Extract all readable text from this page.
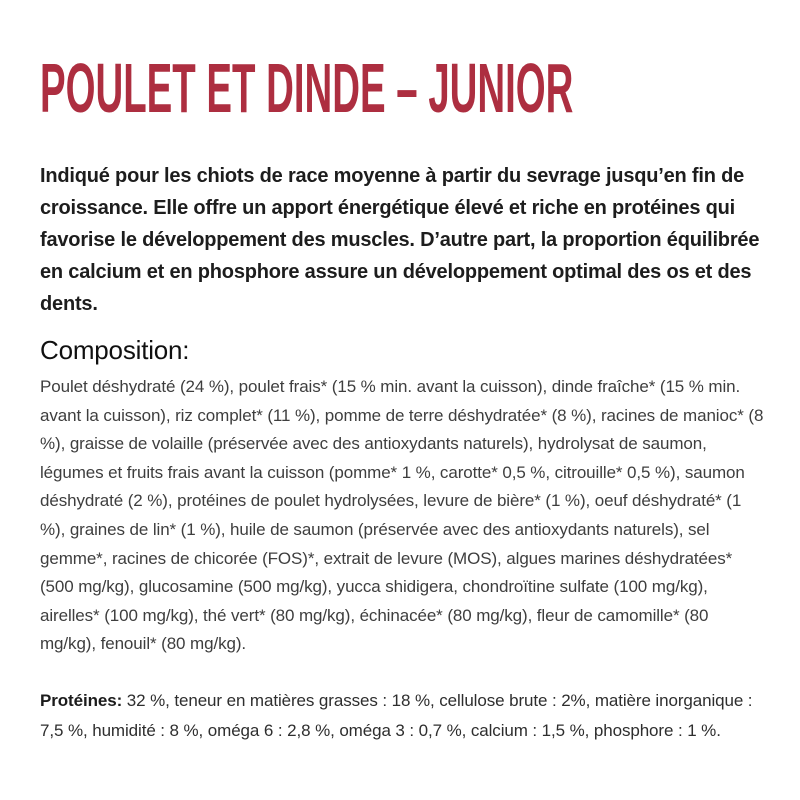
POULET ET DINDE – JUNIOR

Indiqué pour les chiots de race moyenne à partir du sevrage jusqu’en fin de croissance. Elle offre un apport énergétique élevé et riche en protéines qui favorise le développement des muscles. D’autre part, la proportion équilibrée en calcium et en phosphore assure un développement optimal des os et des dents.

Composition:

Poulet déshydraté (24 %), poulet frais* (15 % min. avant la cuisson), dinde fraîche* (15 % min. avant la cuisson), riz complet* (11 %), pomme de terre déshydratée* (8 %), racines de manioc* (8 %), graisse de volaille (préservée avec des antioxydants naturels), hydrolysat de saumon, légumes et fruits frais avant la cuisson (pomme* 1 %, carotte* 0,5 %, citrouille* 0,5 %), saumon déshydraté (2 %), protéines de poulet hydrolysées, levure de bière* (1 %), oeuf déshydraté* (1 %), graines de lin* (1 %), huile de saumon (préservée avec des antioxydants naturels), sel gemme*, racines de chicorée (FOS)*, extrait de levure (MOS), algues marines déshydratées* (500 mg/kg), glucosamine (500 mg/kg), yucca shidigera, chondroïtine sulfate (100 mg/kg), airelles* (100 mg/kg), thé vert* (80 mg/kg), échinacée* (80 mg/kg), fleur de camomille* (80 mg/kg), fenouil* (80 mg/kg).

Protéines: 32 %, teneur en matières grasses : 18 %, cellulose brute : 2%, matière inorganique : 7,5 %, humidité : 8 %, oméga 6 : 2,8 %, oméga 3 : 0,7 %, calcium : 1,5 %, phosphore : 1 %.
